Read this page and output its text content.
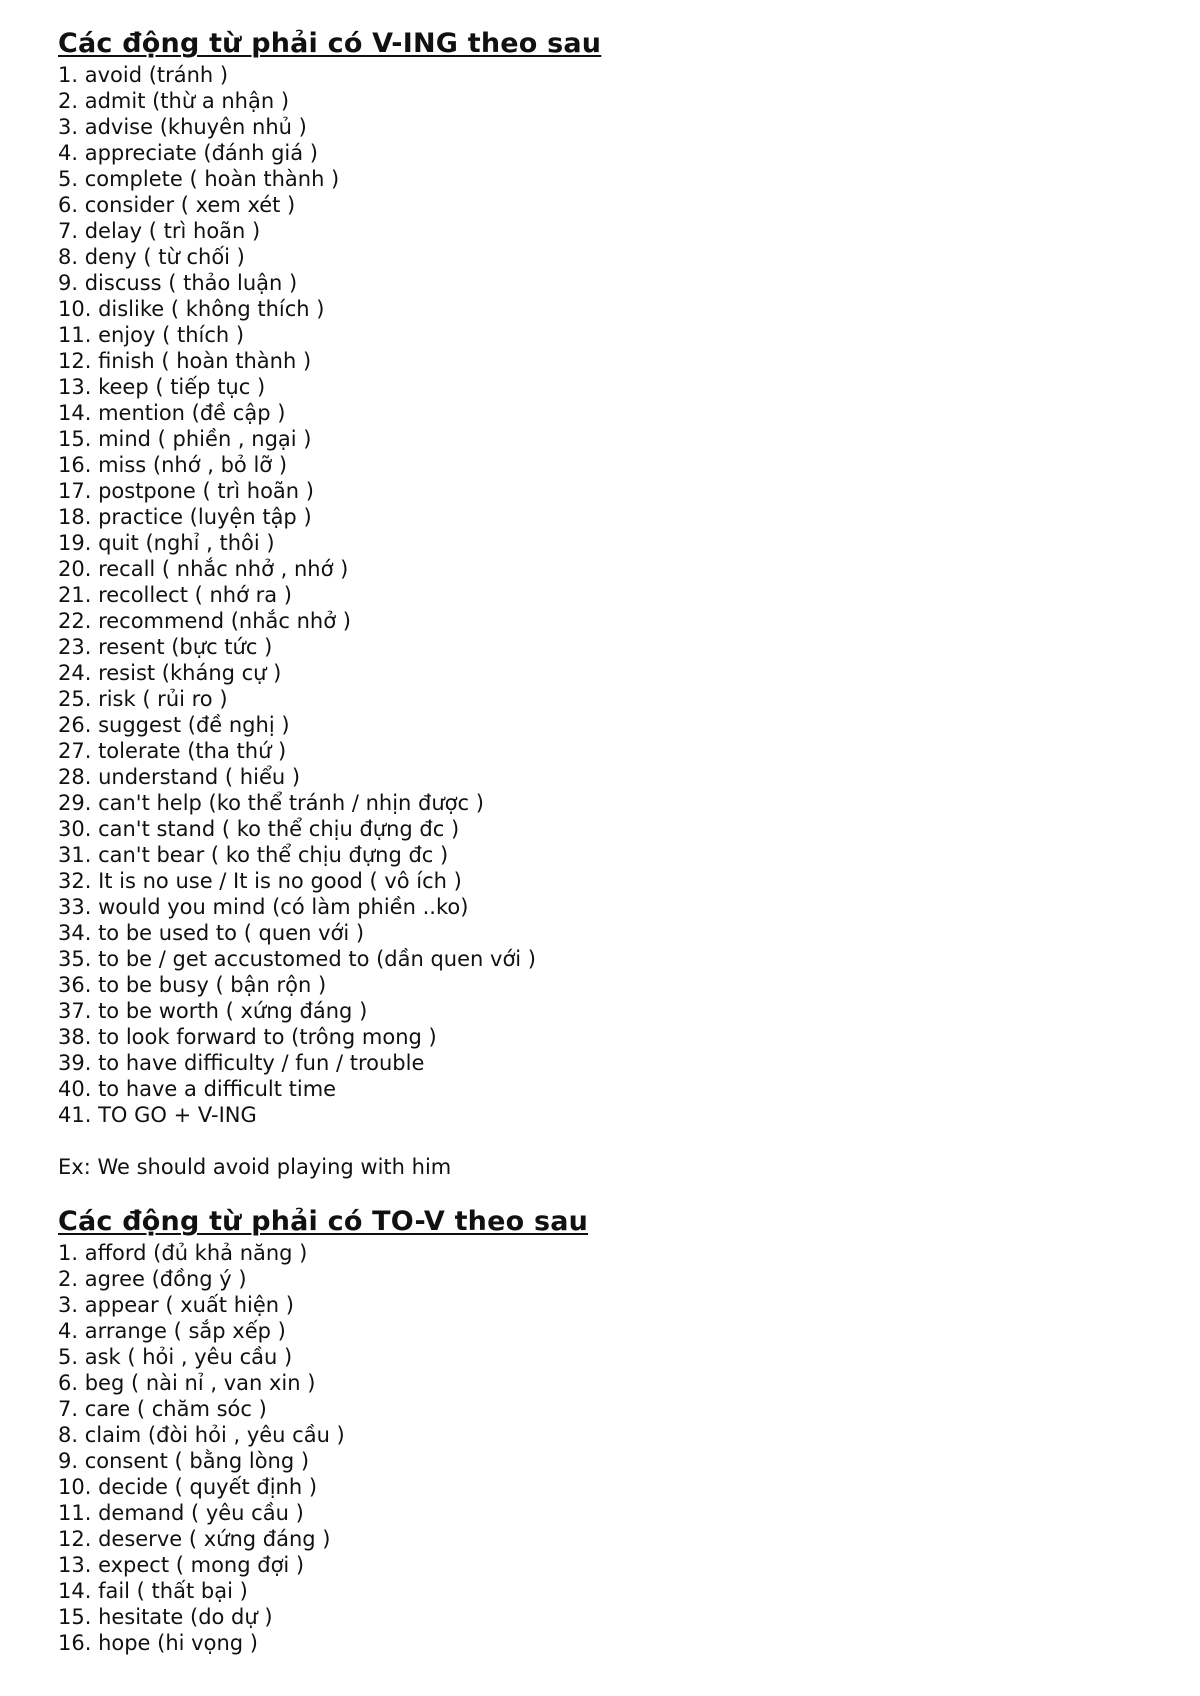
Các động từ phải có V-ING theo sau
1. avoid (tránh )
2. admit (thừ a nhận )
3. advise (khuyên nhủ )
4. appreciate (đánh giá )
5. complete ( hoàn thành )
6. consider ( xem xét )
7. delay ( trì hoãn )
8. deny ( từ chối )
9. discuss ( thảo luận )
10. dislike ( không thích )
11. enjoy ( thích )
12. finish ( hoàn thành )
13. keep ( tiếp tục )
14. mention (đề cập )
15. mind ( phiền , ngại )
16. miss (nhớ , bỏ lỡ )
17. postpone ( trì hoãn )
18. practice (luyện tập )
19. quit (nghỉ , thôi )
20. recall ( nhắc nhở , nhớ )
21. recollect ( nhớ ra )
22. recommend (nhắc nhở )
23. resent (bực tức )
24. resist (kháng cự )
25. risk ( rủi ro )
26. suggest (đề nghị )
27. tolerate (tha thứ )
28. understand ( hiểu )
29. can't help (ko thể tránh / nhịn được )
30. can't stand ( ko thể chịu đựng đc )
31. can't bear ( ko thể chịu đựng đc )
32. It is no use / It is no good ( vô ích )
33. would you mind (có làm phiền ..ko)
34. to be used to ( quen với )
35. to be / get accustomed to (dần quen với )
36. to be busy ( bận rộn )
37. to be worth ( xứng đáng )
38. to look forward to (trông mong )
39. to have difficulty / fun / trouble
40. to have a difficult time
41. TO GO + V-ING
Ex: We should avoid playing with him
Các động từ phải có TO-V theo sau
1. afford (đủ khả năng )
2. agree (đồng ý )
3. appear ( xuất hiện )
4. arrange ( sắp xếp )
5. ask ( hỏi , yêu cầu )
6. beg ( nài nỉ , van xin )
7. care ( chăm sóc )
8. claim (đòi hỏi , yêu cầu )
9. consent ( bằng lòng )
10. decide ( quyết định )
11. demand ( yêu cầu )
12. deserve ( xứng đáng )
13. expect ( mong đợi )
14. fail ( thất bại )
15. hesitate (do dự )
16. hope (hi vọng )
